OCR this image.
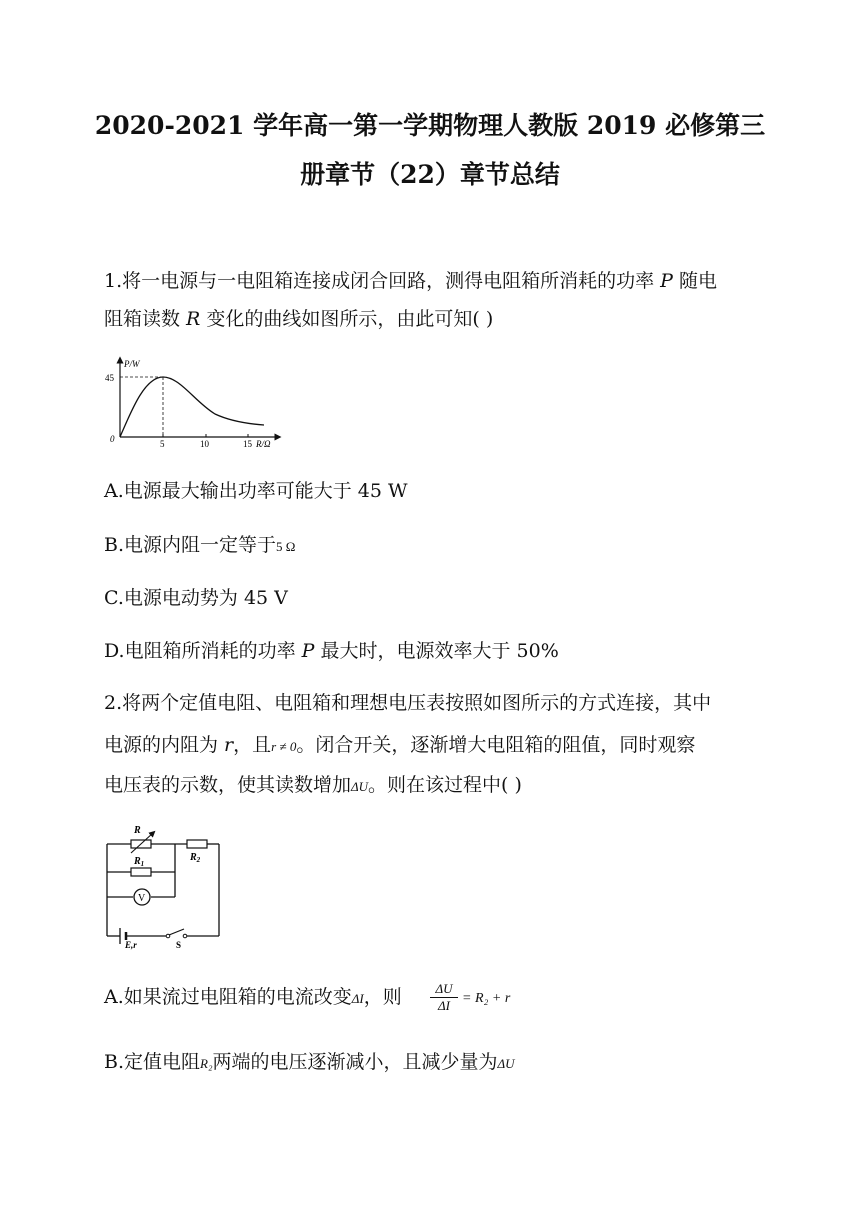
2020-2021 学年高一第一学期物理人教版 2019 必修第三
册章节（22）章节总结
1.将一电源与一电阻箱连接成闭合回路，测得电阻箱所消耗的功率 P 随电
阻箱读数 R 变化的曲线如图所示，由此可知( )
P/W
45
0	5	10	15 R/Ω
A.电源最大输出功率可能大于 45 W
B.电源内阻一定等于5 Ω
C.电源电动势为 45 V
D.电阻箱所消耗的功率 P 最大时，电源效率大于 50%
2.将两个定值电阻、电阻箱和理想电压表按照如图所示的方式连接，其中
电源的内阻为 r，且r ≠ 0。闭合开关，逐渐增大电阻箱的阻值，同时观察
电压表的示数，使其读数增加ΔU。则在该过程中( )
R
$R_2$
$R_1$
V
E,r	S
A.如果流过电阻箱的电流改变ΔI，则	ΔU
ΔI = R₂ + r
B.定值电阻R₂两端的电压逐渐减小，且减少量为ΔU
